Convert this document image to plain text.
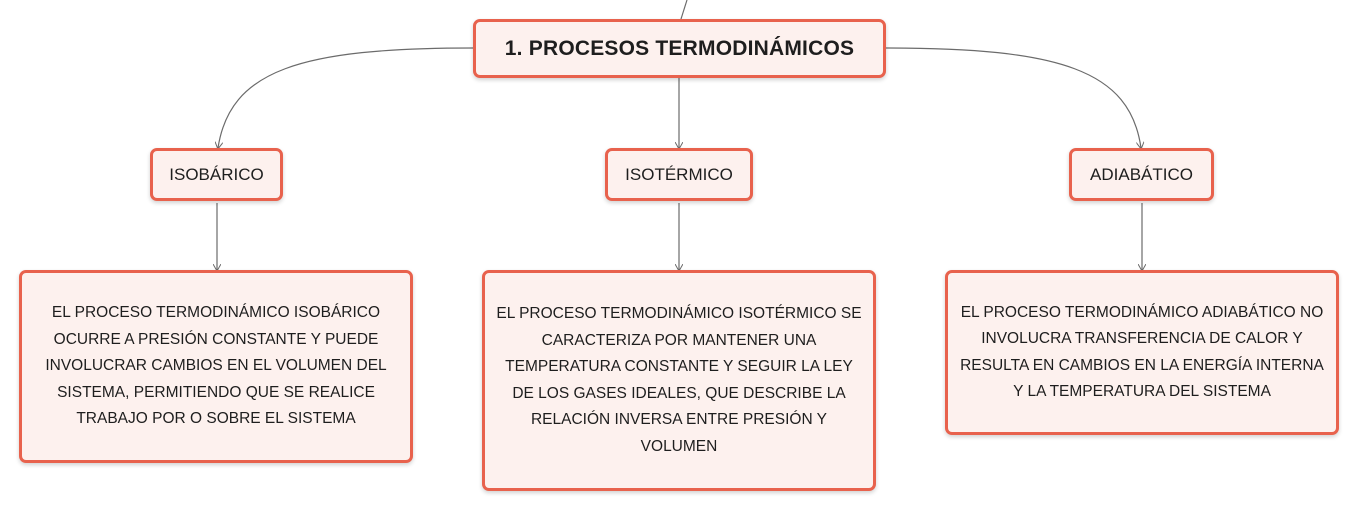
1. PROCESOS TERMODINÁMICOS
ISOBÁRICO	ISOTÉRMICO	ADIABÁTICO
EL PROCESO TERMODINÁMICO ISOBÁRICO OCURRE A PRESIÓN CONSTANTE Y PUEDE INVOLUCRAR CAMBIOS EN EL VOLUMEN DEL SISTEMA, PERMITIENDO QUE SE REALICE TRABAJO POR O SOBRE EL SISTEMA
EL PROCESO TERMODINÁMICO ISOTÉRMICO SE CARACTERIZA POR MANTENER UNA TEMPERATURA CONSTANTE Y SEGUIR LA LEY DE LOS GASES IDEALES, QUE DESCRIBE LA RELACIÓN INVERSA ENTRE PRESIÓN Y VOLUMEN
EL PROCESO TERMODINÁMICO ADIABÁTICO NO INVOLUCRA TRANSFERENCIA DE CALOR Y RESULTA EN CAMBIOS EN LA ENERGÍA INTERNA Y LA TEMPERATURA DEL SISTEMA
